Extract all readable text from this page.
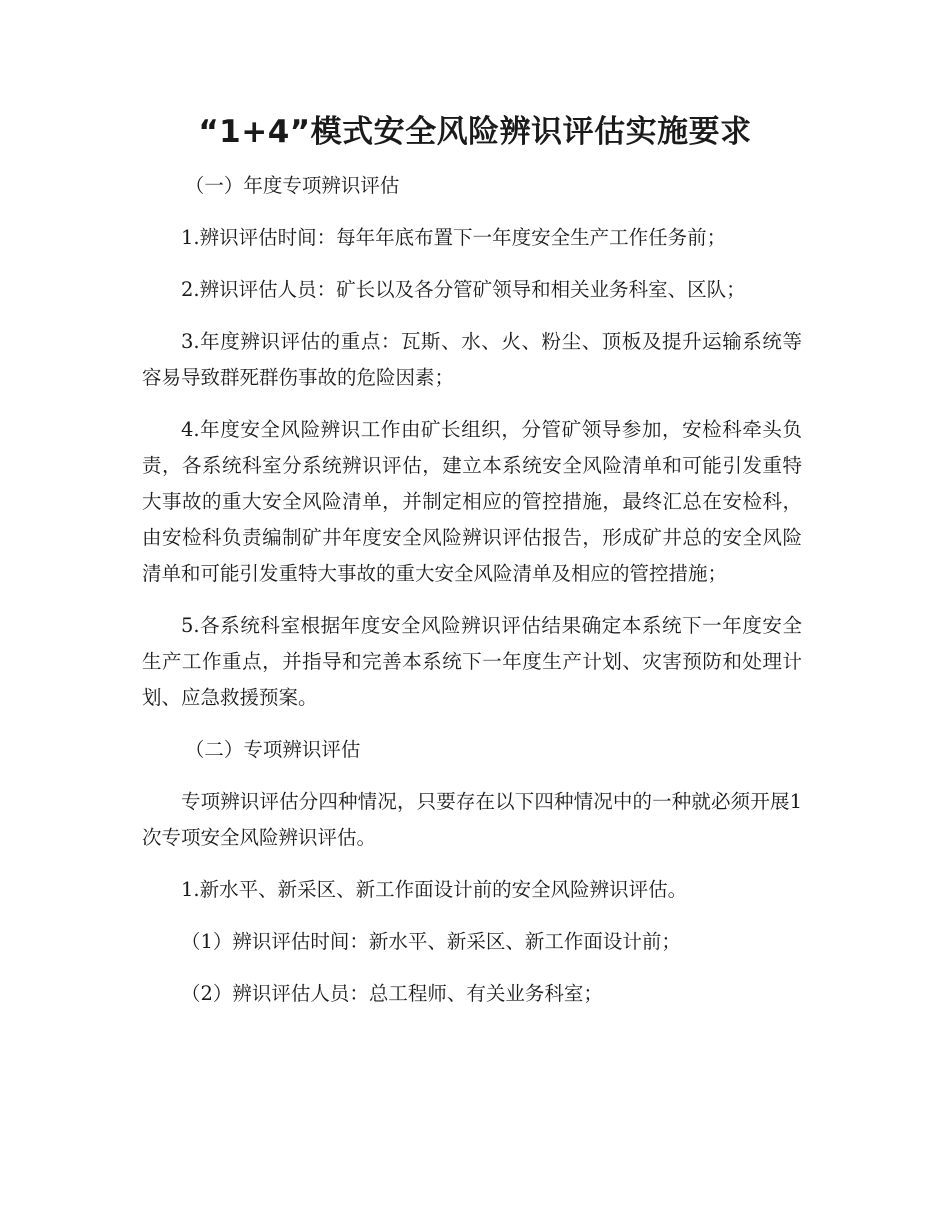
“1+4”模式安全风险辨识评估实施要求

（一）年度专项辨识评估

1.辨识评估时间：每年年底布置下一年度安全生产工作任务前；

2.辨识评估人员：矿长以及各分管矿领导和相关业务科室、区队；

3.年度辨识评估的重点：瓦斯、水、火、粉尘、顶板及提升运输系统等容易导致群死群伤事故的危险因素；

4.年度安全风险辨识工作由矿长组织，分管矿领导参加，安检科牵头负责，各系统科室分系统辨识评估，建立本系统安全风险清单和可能引发重特大事故的重大安全风险清单，并制定相应的管控措施，最终汇总在安检科，由安检科负责编制矿井年度安全风险辨识评估报告，形成矿井总的安全风险清单和可能引发重特大事故的重大安全风险清单及相应的管控措施；

5.各系统科室根据年度安全风险辨识评估结果确定本系统下一年度安全生产工作重点，并指导和完善本系统下一年度生产计划、灾害预防和处理计划、应急救援预案。

（二）专项辨识评估

专项辨识评估分四种情况，只要存在以下四种情况中的一种就必须开展1次专项安全风险辨识评估。

1.新水平、新采区、新工作面设计前的安全风险辨识评估。

（1）辨识评估时间：新水平、新采区、新工作面设计前；

（2）辨识评估人员：总工程师、有关业务科室；
